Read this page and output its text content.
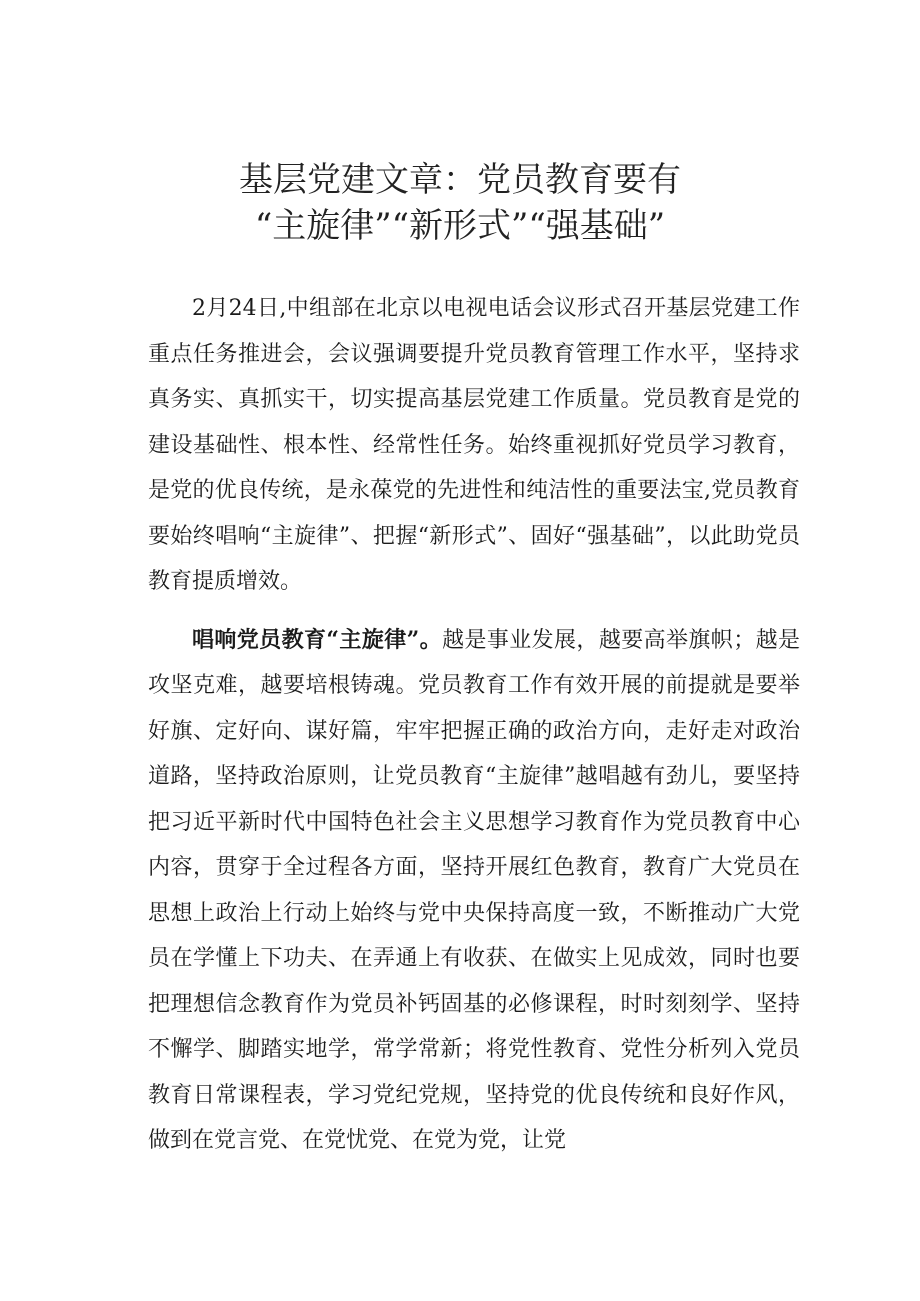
基层党建文章：党员教育要有
“主旋律”“新形式”“强基础”

2月24日,中组部在北京以电视电话会议形式召开基层党建工作重点任务推进会，会议强调要提升党员教育管理工作水平，坚持求真务实、真抓实干，切实提高基层党建工作质量。党员教育是党的建设基础性、根本性、经常性任务。始终重视抓好党员学习教育，是党的优良传统，是永葆党的先进性和纯洁性的重要法宝,党员教育要始终唱响“主旋律”、把握“新形式”、固好“强基础”，以此助党员教育提质增效。

唱响党员教育“主旋律”。越是事业发展，越要高举旗帜；越是攻坚克难，越要培根铸魂。党员教育工作有效开展的前提就是要举好旗、定好向、谋好篇，牢牢把握正确的政治方向，走好走对政治道路，坚持政治原则，让党员教育“主旋律”越唱越有劲儿，要坚持把习近平新时代中国特色社会主义思想学习教育作为党员教育中心内容，贯穿于全过程各方面，坚持开展红色教育，教育广大党员在思想上政治上行动上始终与党中央保持高度一致，不断推动广大党员在学懂上下功夫、在弄通上有收获、在做实上见成效，同时也要把理想信念教育作为党员补钙固基的必修课程，时时刻刻学、坚持不懈学、脚踏实地学，常学常新；将党性教育、党性分析列入党员教育日常课程表，学习党纪党规，坚持党的优良传统和良好作风，做到在党言党、在党忧党、在党为党，让党
